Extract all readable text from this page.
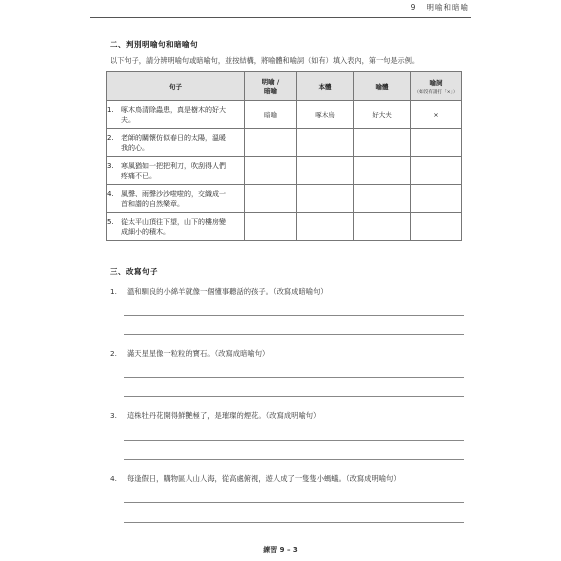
9 明喻和暗喻
二、判別明喻句和暗喻句
以下句子，請分辨明喻句或暗喻句，並按結構，將喻體和喻詞（如有）填入表內，第一句是示例。
句子	明喻 /
暗喻	本體	喻體	喻詞
（如沒有請打「×」）

1. 啄木鳥清除蟲患，真是樹木的好大夫。	暗喻	啄木鳥	好大夫	×

2. 老師的關懷仿似春日的太陽，溫暖我的心。				

3. 寒風猶如一把把利刀，吹刮得人們疼痛不已。				

4. 風聲、雨聲沙沙啦啦的，交織成一首和諧的自然樂章。				

5. 從太平山頂往下望，山下的樓房變成細小的積木。				

三、改寫句子
1. 溫和馴良的小綿羊就像一個懂事聽話的孩子。（改寫成暗喻句）
2. 滿天星星像一粒粒的寶石。（改寫成暗喻句）
3. 這株牡丹花開得鮮艷極了，是璀璨的煙花。（改寫成明喻句）
4. 每逢假日，購物區人山人海，從高處俯視，遊人成了一隻隻小螞蟻。（改寫成明喻句）
練習 9 – 3
